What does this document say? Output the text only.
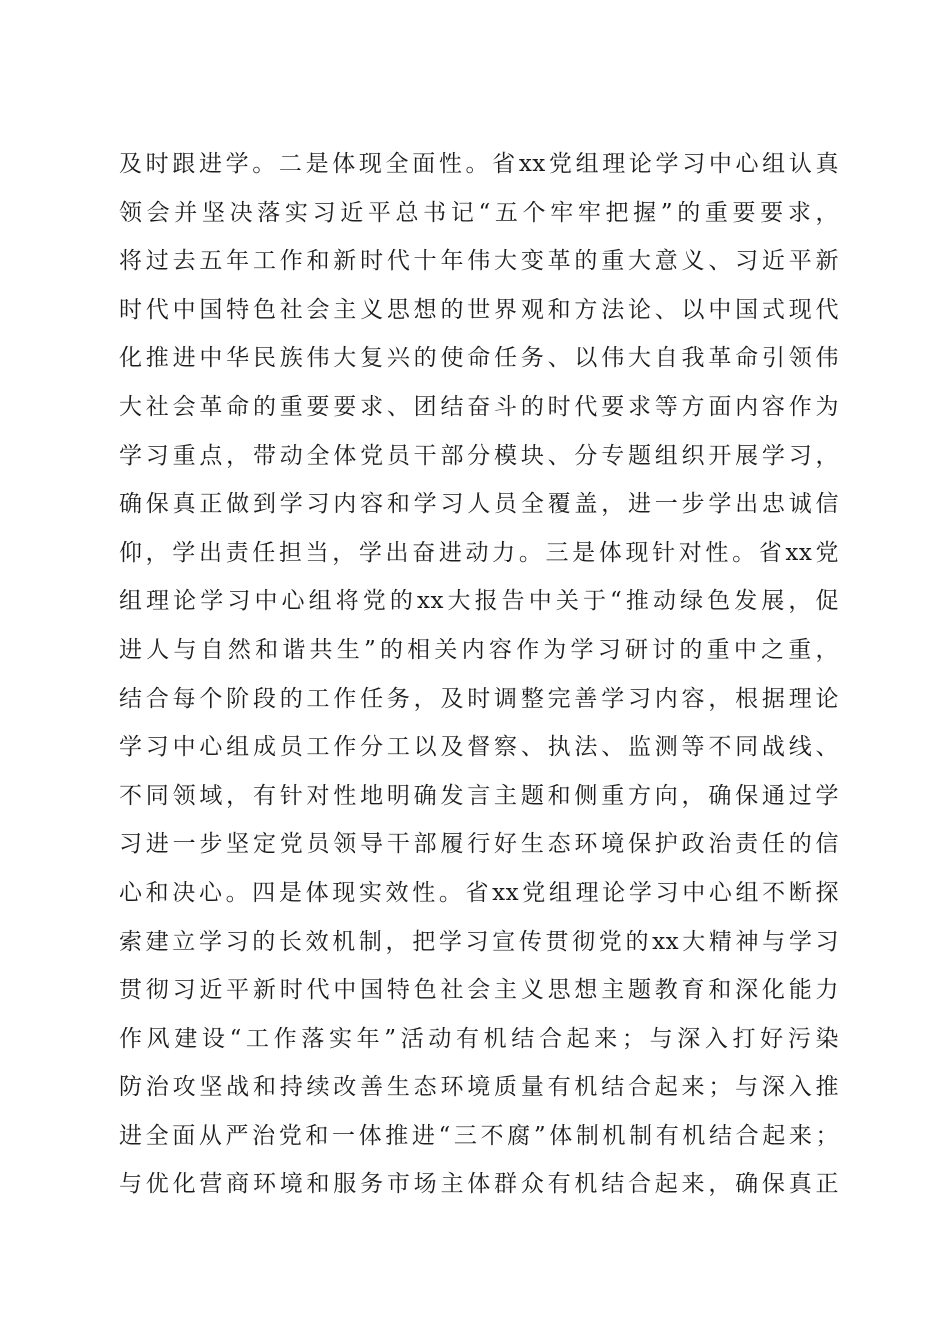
及时跟进学。二是体现全面性。省xx党组理论学习中心组认真
领会并坚决落实习近平总书记“五个牢牢把握”的重要要求，
将过去五年工作和新时代十年伟大变革的重大意义、习近平新
时代中国特色社会主义思想的世界观和方法论、以中国式现代
化推进中华民族伟大复兴的使命任务、以伟大自我革命引领伟
大社会革命的重要要求、团结奋斗的时代要求等方面内容作为
学习重点，带动全体党员干部分模块、分专题组织开展学习，
确保真正做到学习内容和学习人员全覆盖，进一步学出忠诚信
仰，学出责任担当，学出奋进动力。三是体现针对性。省xx党
组理论学习中心组将党的xx大报告中关于“推动绿色发展，促
进人与自然和谐共生”的相关内容作为学习研讨的重中之重，
结合每个阶段的工作任务，及时调整完善学习内容，根据理论
学习中心组成员工作分工以及督察、执法、监测等不同战线、
不同领域，有针对性地明确发言主题和侧重方向，确保通过学
习进一步坚定党员领导干部履行好生态环境保护政治责任的信
心和决心。四是体现实效性。省xx党组理论学习中心组不断探
索建立学习的长效机制，把学习宣传贯彻党的xx大精神与学习
贯彻习近平新时代中国特色社会主义思想主题教育和深化能力
作风建设“工作落实年”活动有机结合起来；与深入打好污染
防治攻坚战和持续改善生态环境质量有机结合起来；与深入推
进全面从严治党和一体推进“三不腐”体制机制有机结合起来；
与优化营商环境和服务市场主体群众有机结合起来，确保真正
